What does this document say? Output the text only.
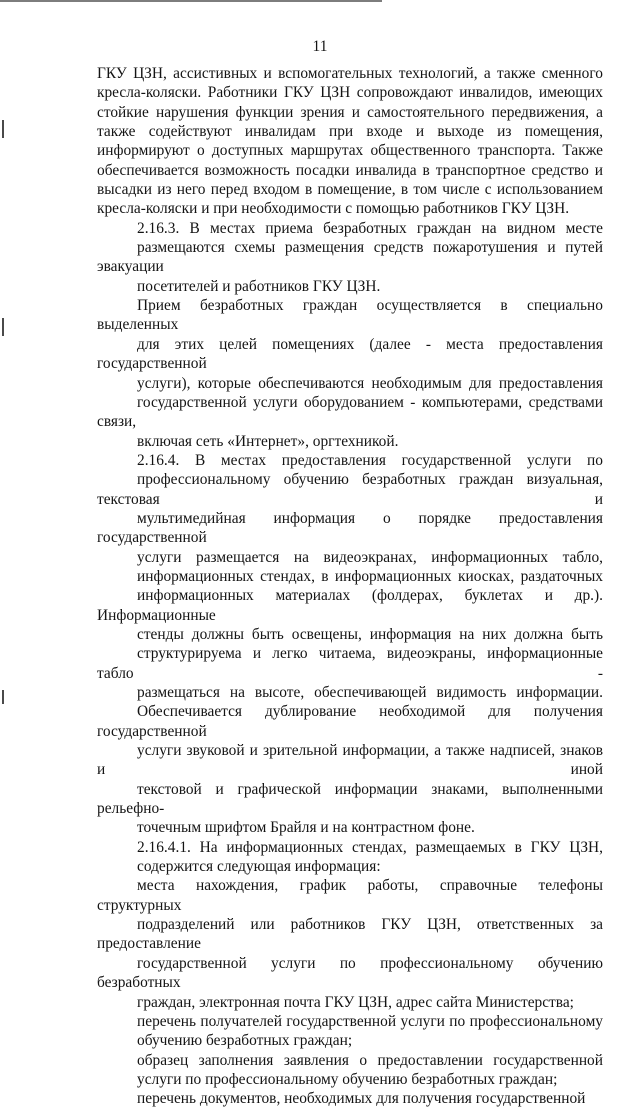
11

ГКУ ЦЗН, ассистивных и вспомогательных технологий, а также сменного
кресла-коляски. Работники ГКУ ЦЗН сопровождают инвалидов, имеющих
стойкие нарушения функции зрения и самостоятельного передвижения, а
также содействуют инвалидам при входе и выходе из помещения,
информируют о доступных маршрутах общественного транспорта. Также
обеспечивается возможность посадки инвалида в транспортное средство и
высадки из него перед входом в помещение, в том числе с использованием
кресла-коляски и при необходимости с помощью работников ГКУ ЦЗН.

2.16.3. В местах приема безработных граждан на видном месте
размещаются схемы размещения средств пожаротушения и путей эвакуации
посетителей и работников ГКУ ЦЗН.

Прием безработных граждан осуществляется в специально выделенных
для этих целей помещениях (далее - места предоставления государственной
услуги), которые обеспечиваются необходимым для предоставления
государственной услуги оборудованием - компьютерами, средствами связи,
включая сеть «Интернет», оргтехникой.

2.16.4. В местах предоставления государственной услуги по
профессиональному обучению безработных граждан визуальная, текстовая и
мультимедийная информация о порядке предоставления государственной
услуги размещается на видеоэкранах, информационных табло,
информационных стендах, в информационных киосках, раздаточных
информационных материалах (фолдерах, буклетах и др.). Информационные
стенды должны быть освещены, информация на них должна быть
структурируема и легко читаема, видеоэкраны, информационные табло -
размещаться на высоте, обеспечивающей видимость информации.
Обеспечивается дублирование необходимой для получения государственной
услуги звуковой и зрительной информации, а также надписей, знаков и иной
текстовой и графической информации знаками, выполненными рельефно-
точечным шрифтом Брайля и на контрастном фоне.

2.16.4.1. На информационных стендах, размещаемых в ГКУ ЦЗН,
содержится следующая информация:

места нахождения, график работы, справочные телефоны структурных
подразделений или работников ГКУ ЦЗН, ответственных за предоставление
государственной услуги по профессиональному обучению безработных
граждан, электронная почта ГКУ ЦЗН, адрес сайта Министерства;

перечень получателей государственной услуги по профессиональному
обучению безработных граждан;

образец заполнения заявления о предоставлении государственной
услуги по профессиональному обучению безработных граждан;

перечень документов, необходимых для получения государственной
